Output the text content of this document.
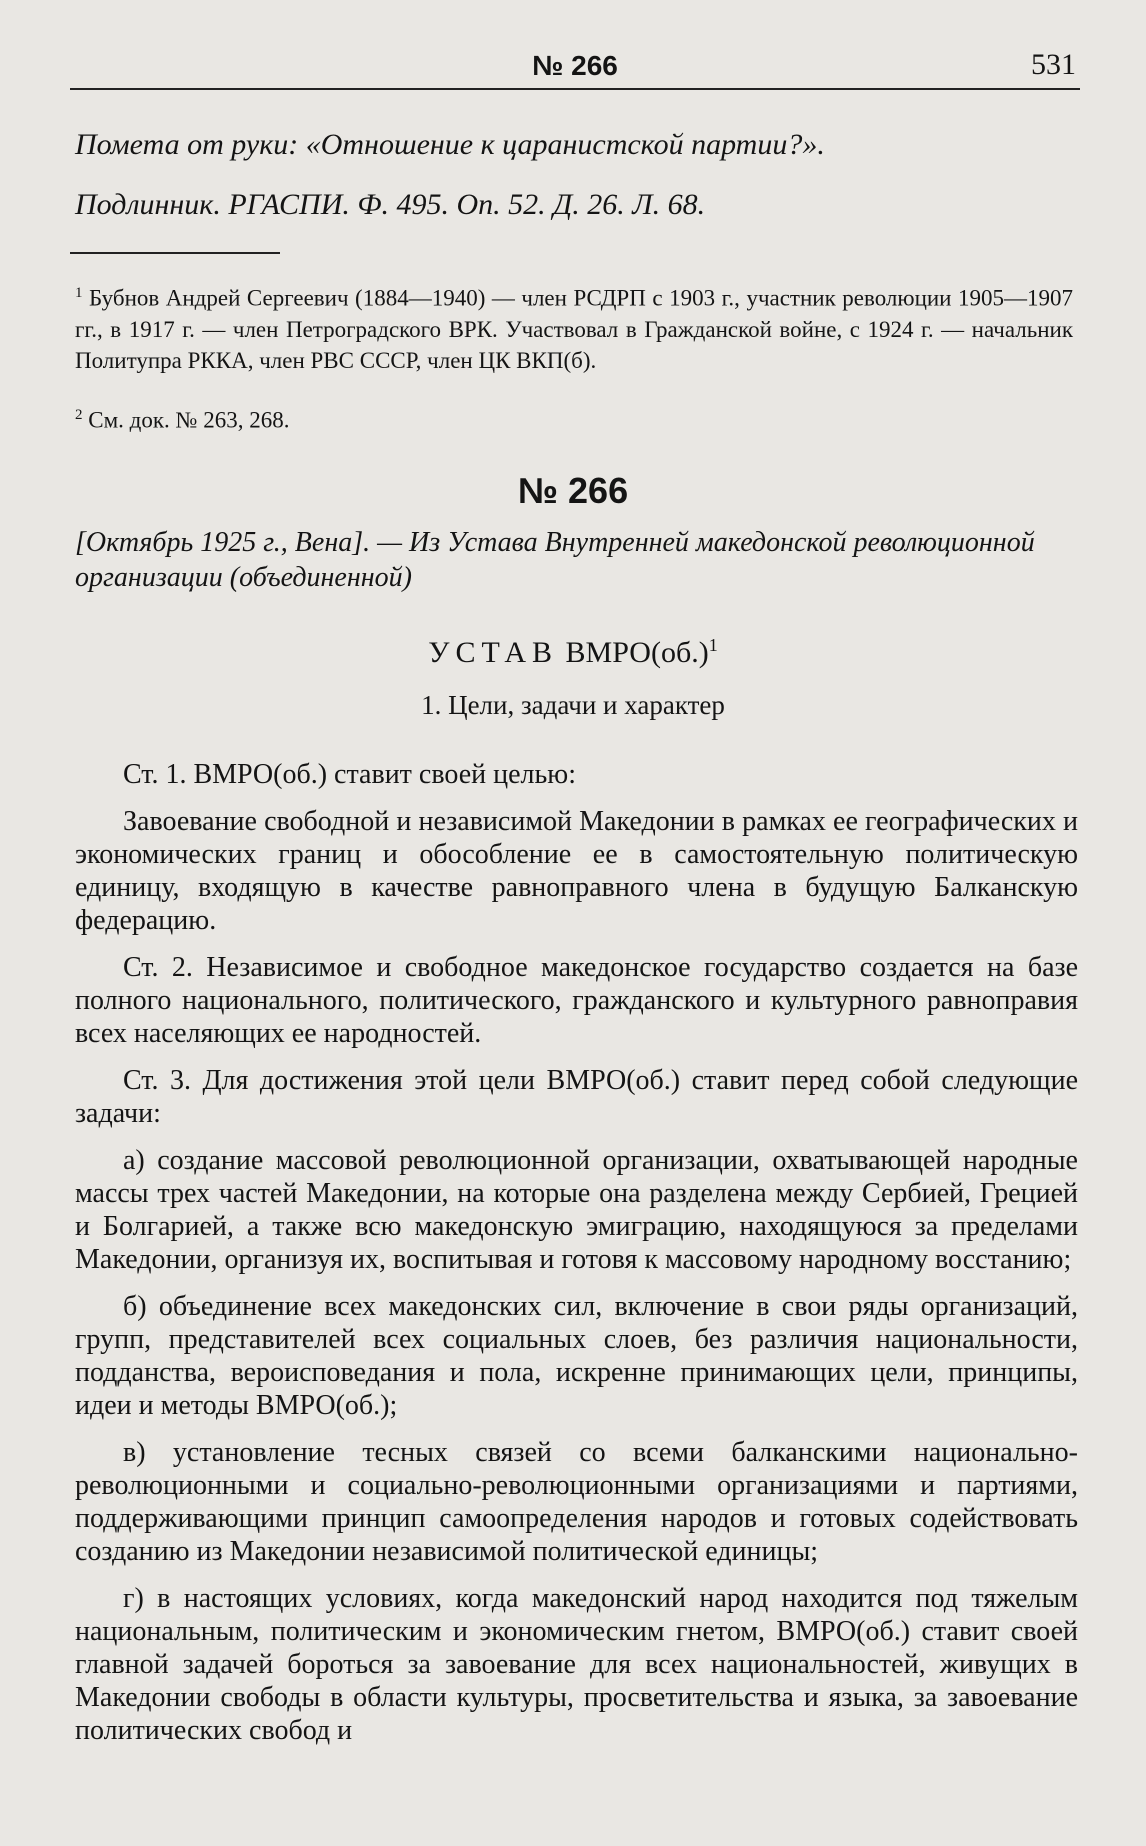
№ 266	531
Помета от руки: «Отношение к царанистской партии?».
Подлинник. РГАСПИ. Ф. 495. Оп. 52. Д. 26. Л. 68.

$^1$ Бубнов Андрей Сергеевич (1884—1940) — член РСДРП с 1903 г., участник революции 1905—1907 гг., в 1917 г. — член Петроградского ВРК. Участвовал в Гражданской войне, с 1924 г. — начальник Политупра РККА, член РВС СССР, член ЦК ВКП(б).

$^2$ См. док. № 263, 268.

№ 266
[Октябрь 1925 г., Вена]. — Из Устава Внутренней македонской революционной организации (объединенной)
УСТАВ $ВМРО(об.)^1$
1. Цели, задачи и характер

Ст. 1. ВМРО(об.) ставит своей целью:

Завоевание свободной и независимой Македонии в рамках ее географических и экономических границ и обособление ее в самостоятельную политическую единицу, входящую в качестве равноправного члена в будущую Балканскую федерацию.

Ст. 2. Независимое и свободное македонское государство создается на базе полного национального, политического, гражданского и культурного равноправия всех населяющих ее народностей.

Ст. 3. Для достижения этой цели ВМРО(об.) ставит перед собой следующие задачи:

а) создание массовой революционной организации, охватывающей народные массы трех частей Македонии, на которые она разделена между Сербией, Грецией и Болгарией, а также всю македонскую эмиграцию, находящуюся за пределами Македонии, организуя их, воспитывая и готовя к массовому народному восстанию;

б) объединение всех македонских сил, включение в свои ряды организаций, групп, представителей всех социальных слоев, без различия национальности, подданства, вероисповедания и пола, искренне принимающих цели, принципы, идеи и методы ВМРО(об.);

в) установление тесных связей со всеми балканскими национально-революционными и социально-революционными организациями и партиями, поддерживающими принцип самоопределения народов и готовых содействовать созданию из Македонии независимой политической единицы;

г) в настоящих условиях, когда македонский народ находится под тяжелым национальным, политическим и экономическим гнетом, ВМРО(об.) ставит своей главной задачей бороться за завоевание для всех национальностей, живущих в Македонии свободы в области культуры, просветительства и языка, за завоевание политических свобод и
